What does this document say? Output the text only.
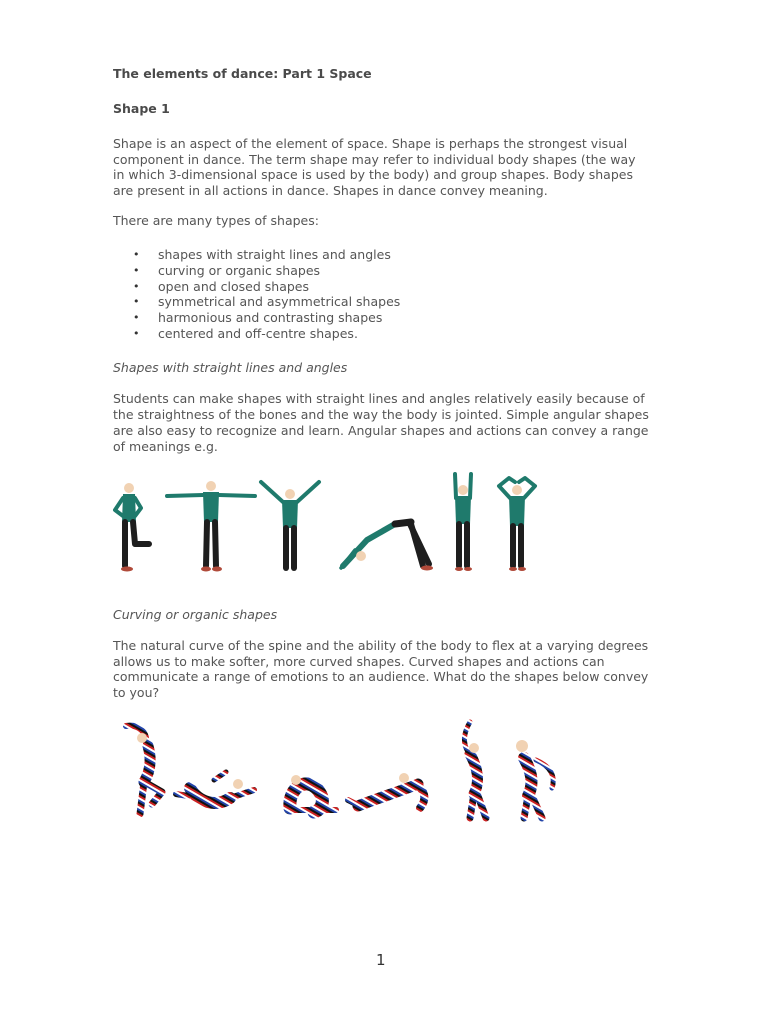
The elements of dance: Part 1 Space

Shape 1

Shape is an aspect of the element of space. Shape is perhaps the strongest visual

component in dance. The term shape may refer to individual body shapes (the way

in which 3-dimensional space is used by the body) and group shapes. Body shapes

are present in all actions in dance. Shapes in dance convey meaning.

There are many types of shapes:

• shapes with straight lines and angles
• curving or organic shapes
• open and closed shapes
• symmetrical and asymmetrical shapes
• harmonious and contrasting shapes
• centered and off-centre shapes.

Shapes with straight lines and angles

Students can make shapes with straight lines and angles relatively easily because of

the straightness of the bones and the way the body is jointed. Simple angular shapes

are also easy to recognize and learn. Angular shapes and actions can convey a range

of meanings e.g.

Curving or organic shapes

The natural curve of the spine and the ability of the body to flex at a varying degrees

allows us to make softer, more curved shapes. Curved shapes and actions can

communicate a range of emotions to an audience. What do the shapes below convey

to you?

1
